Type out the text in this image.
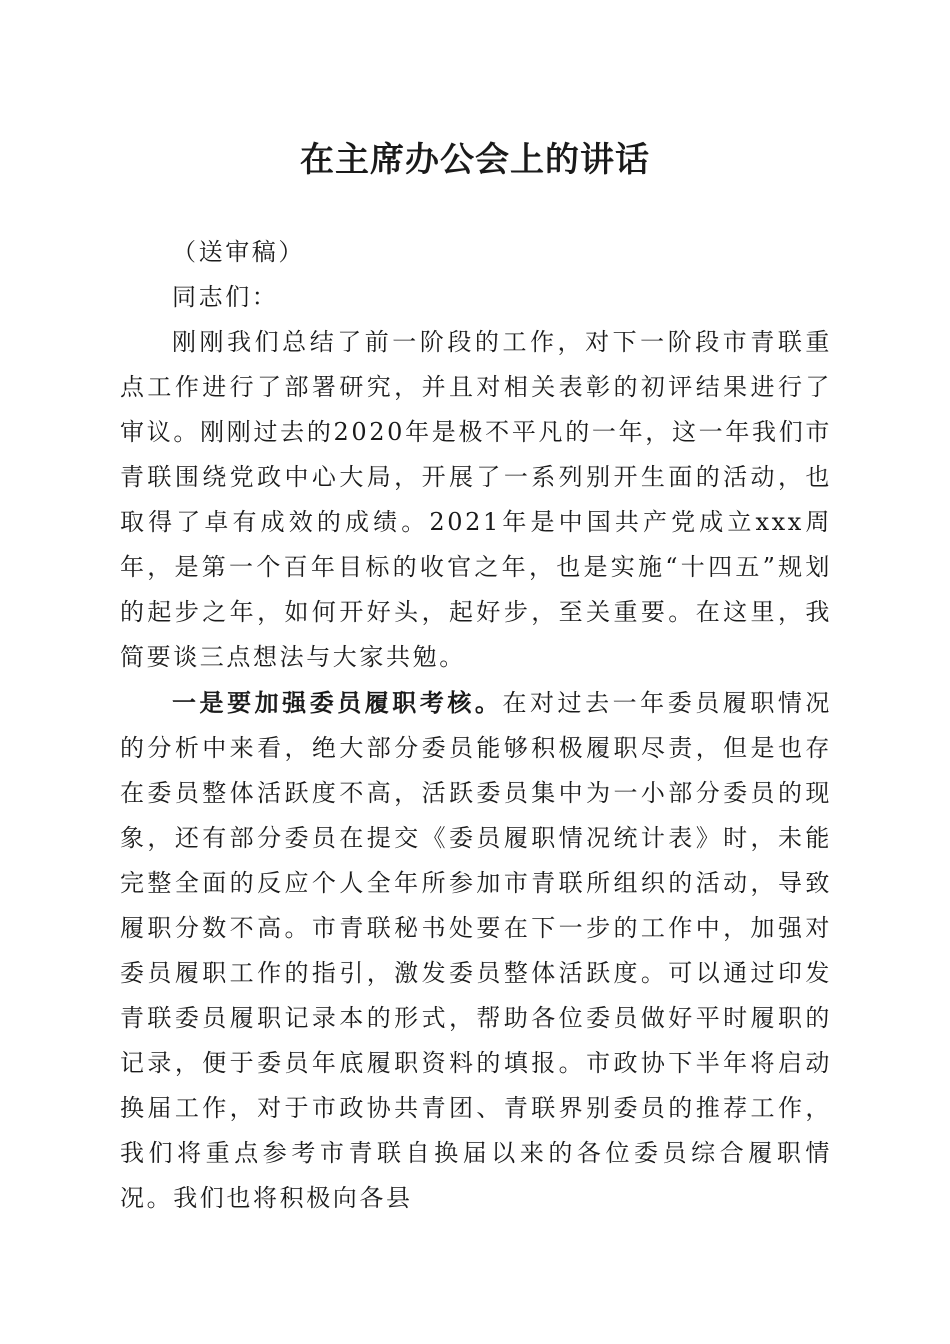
在主席办公会上的讲话

（送审稿）

同志们：

刚刚我们总结了前一阶段的工作，对下一阶段市青联重点工作进行了部署研究，并且对相关表彰的初评结果进行了审议。刚刚过去的2020年是极不平凡的一年，这一年我们市青联围绕党政中心大局，开展了一系列别开生面的活动，也取得了卓有成效的成绩。2021年是中国共产党成立xxx周年，是第一个百年目标的收官之年，也是实施“十四五”规划的起步之年，如何开好头，起好步，至关重要。在这里，我简要谈三点想法与大家共勉。

一是要加强委员履职考核。在对过去一年委员履职情况的分析中来看，绝大部分委员能够积极履职尽责，但是也存在委员整体活跃度不高，活跃委员集中为一小部分委员的现象，还有部分委员在提交《委员履职情况统计表》时，未能完整全面的反应个人全年所参加市青联所组织的活动，导致履职分数不高。市青联秘书处要在下一步的工作中，加强对委员履职工作的指引，激发委员整体活跃度。可以通过印发青联委员履职记录本的形式，帮助各位委员做好平时履职的记录，便于委员年底履职资料的填报。市政协下半年将启动换届工作，对于市政协共青团、青联界别委员的推荐工作，我们将重点参考市青联自换届以来的各位委员综合履职情况。我们也将积极向各县
